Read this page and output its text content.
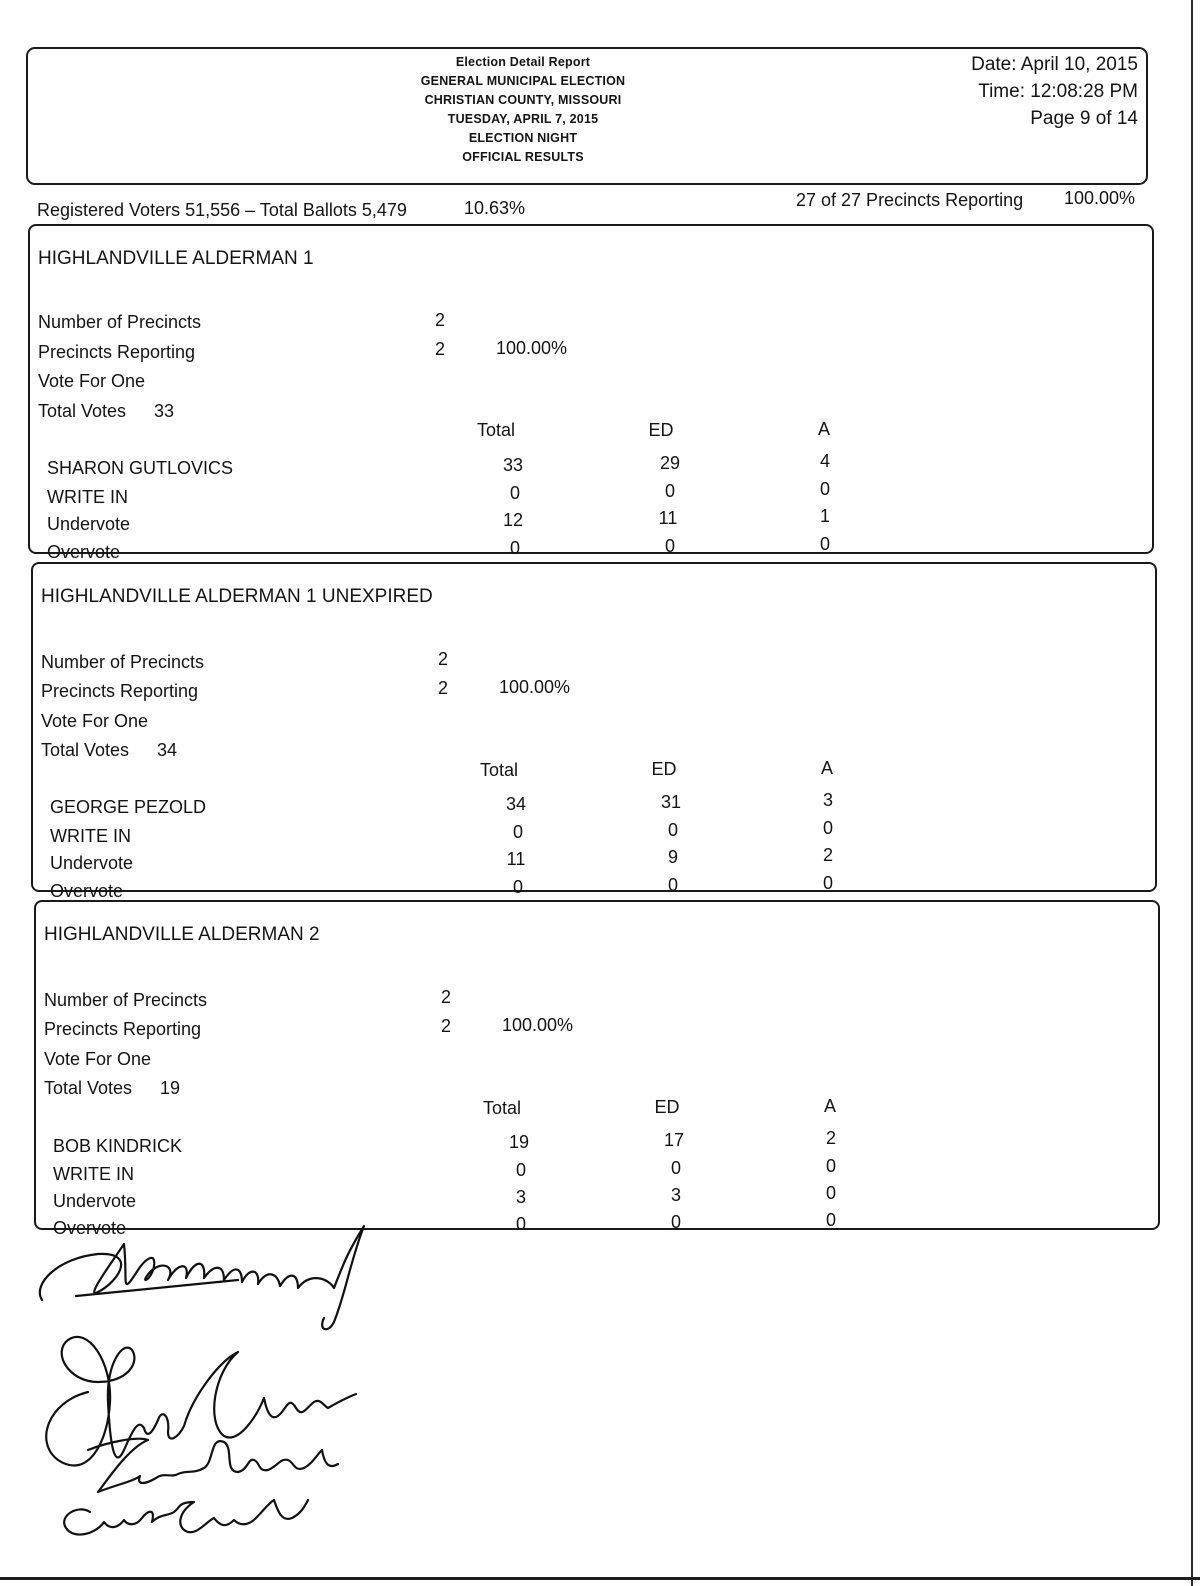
Election Detail Report
GENERAL MUNICIPAL ELECTION
CHRISTIAN COUNTY, MISSOURI
TUESDAY, APRIL 7, 2015
ELECTION NIGHT
OFFICIAL RESULTS
Date: April 10, 2015
Time: 12:08:28 PM
Page 9 of 14
Registered Voters 51,556 – Total Ballots 5,479	10.63%	27 of 27 Precincts Reporting 100.00%
HIGHLANDVILLE ALDERMAN 1
Number of Precincts	2
Precincts Reporting	2	100.00%
Vote For One
Total Votes 33
Total	ED	A
SHARON GUTLOVICS	33	29	4
WRITE IN	0	0	0
Undervote	12	11	1
Overvote	0	0	0
HIGHLANDVILLE ALDERMAN 1 UNEXPIRED
Number of Precincts	2
Precincts Reporting	2	100.00%
Vote For One
Total Votes 34
Total	ED	A
GEORGE PEZOLD	34	31	3
WRITE IN	0	0	0
Undervote	11	9	2
Overvote	0	0	0
HIGHLANDVILLE ALDERMAN 2
Number of Precincts	2
Precincts Reporting	2	100.00%
Vote For One
Total Votes 19
Total	ED	A
BOB KINDRICK	19	17	2
WRITE IN	0	0	0
Undervote	3	3	0
Overvote	0	0	0
